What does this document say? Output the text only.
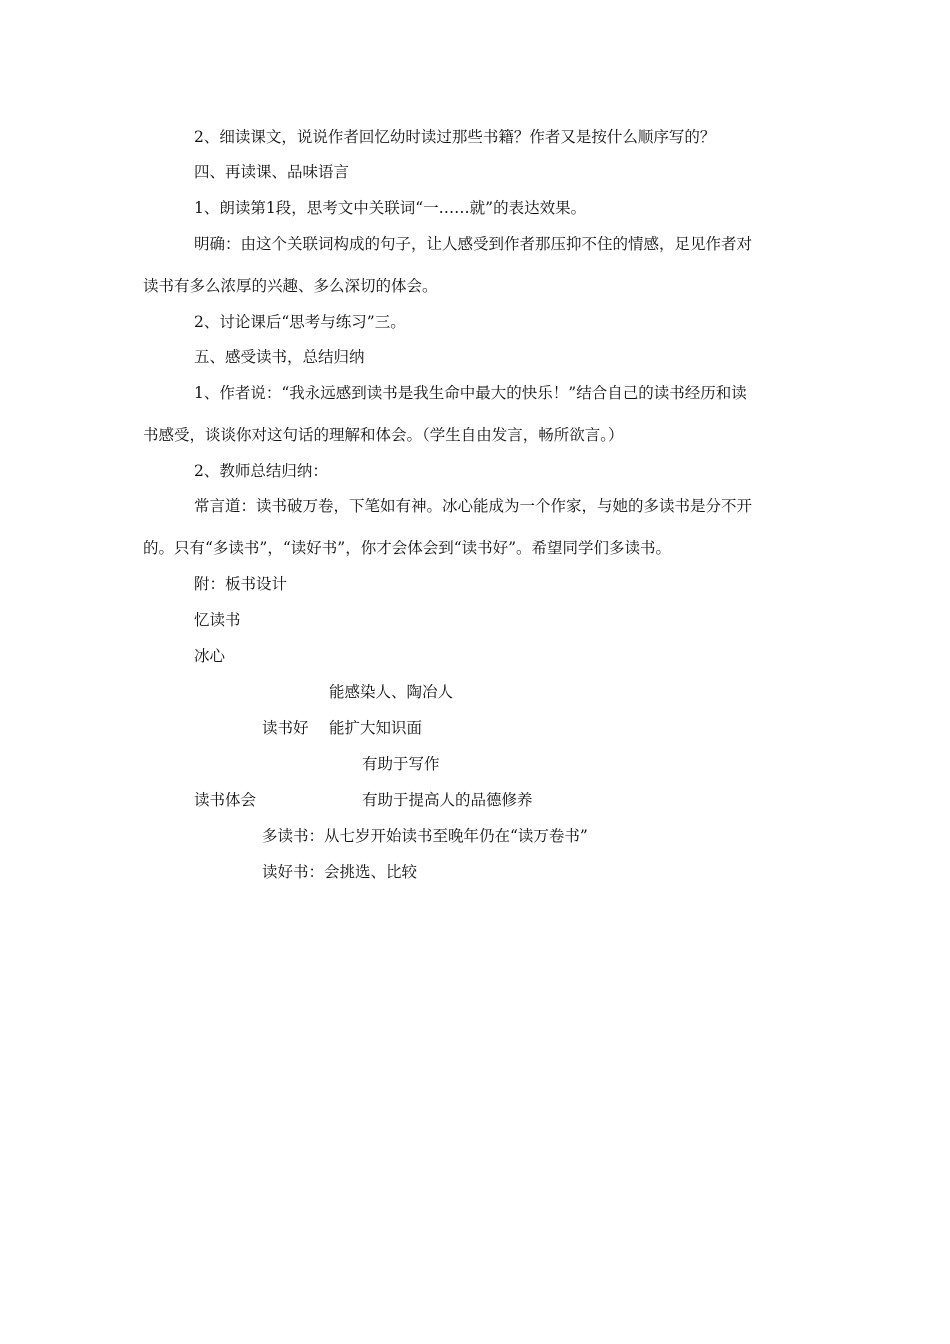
2、细读课文，说说作者回忆幼时读过那些书籍？作者又是按什么顺序写的？
四、再读课、品味语言
1、朗读第1段，思考文中关联词“一……就”的表达效果。
明确：由这个关联词构成的句子，让人感受到作者那压抑不住的情感，足见作者对
读书有多么浓厚的兴趣、多么深切的体会。
2、讨论课后“思考与练习”三。
五、感受读书，总结归纳
1、作者说：“我永远感到读书是我生命中最大的快乐！”结合自己的读书经历和读
书感受，谈谈你对这句话的理解和体会。（学生自由发言，畅所欲言。）
2、教师总结归纳：
常言道：读书破万卷，下笔如有神。冰心能成为一个作家，与她的多读书是分不开
的。只有“多读书”，“读好书”，你才会体会到“读书好”。希望同学们多读书。
附：板书设计
忆读书
冰心
能感染人、陶冶人
读书好 能扩大知识面
有助于写作
读书体会	有助于提高人的品德修养
多读书：从七岁开始读书至晚年仍在“读万卷书”
读好书：会挑选、比较
